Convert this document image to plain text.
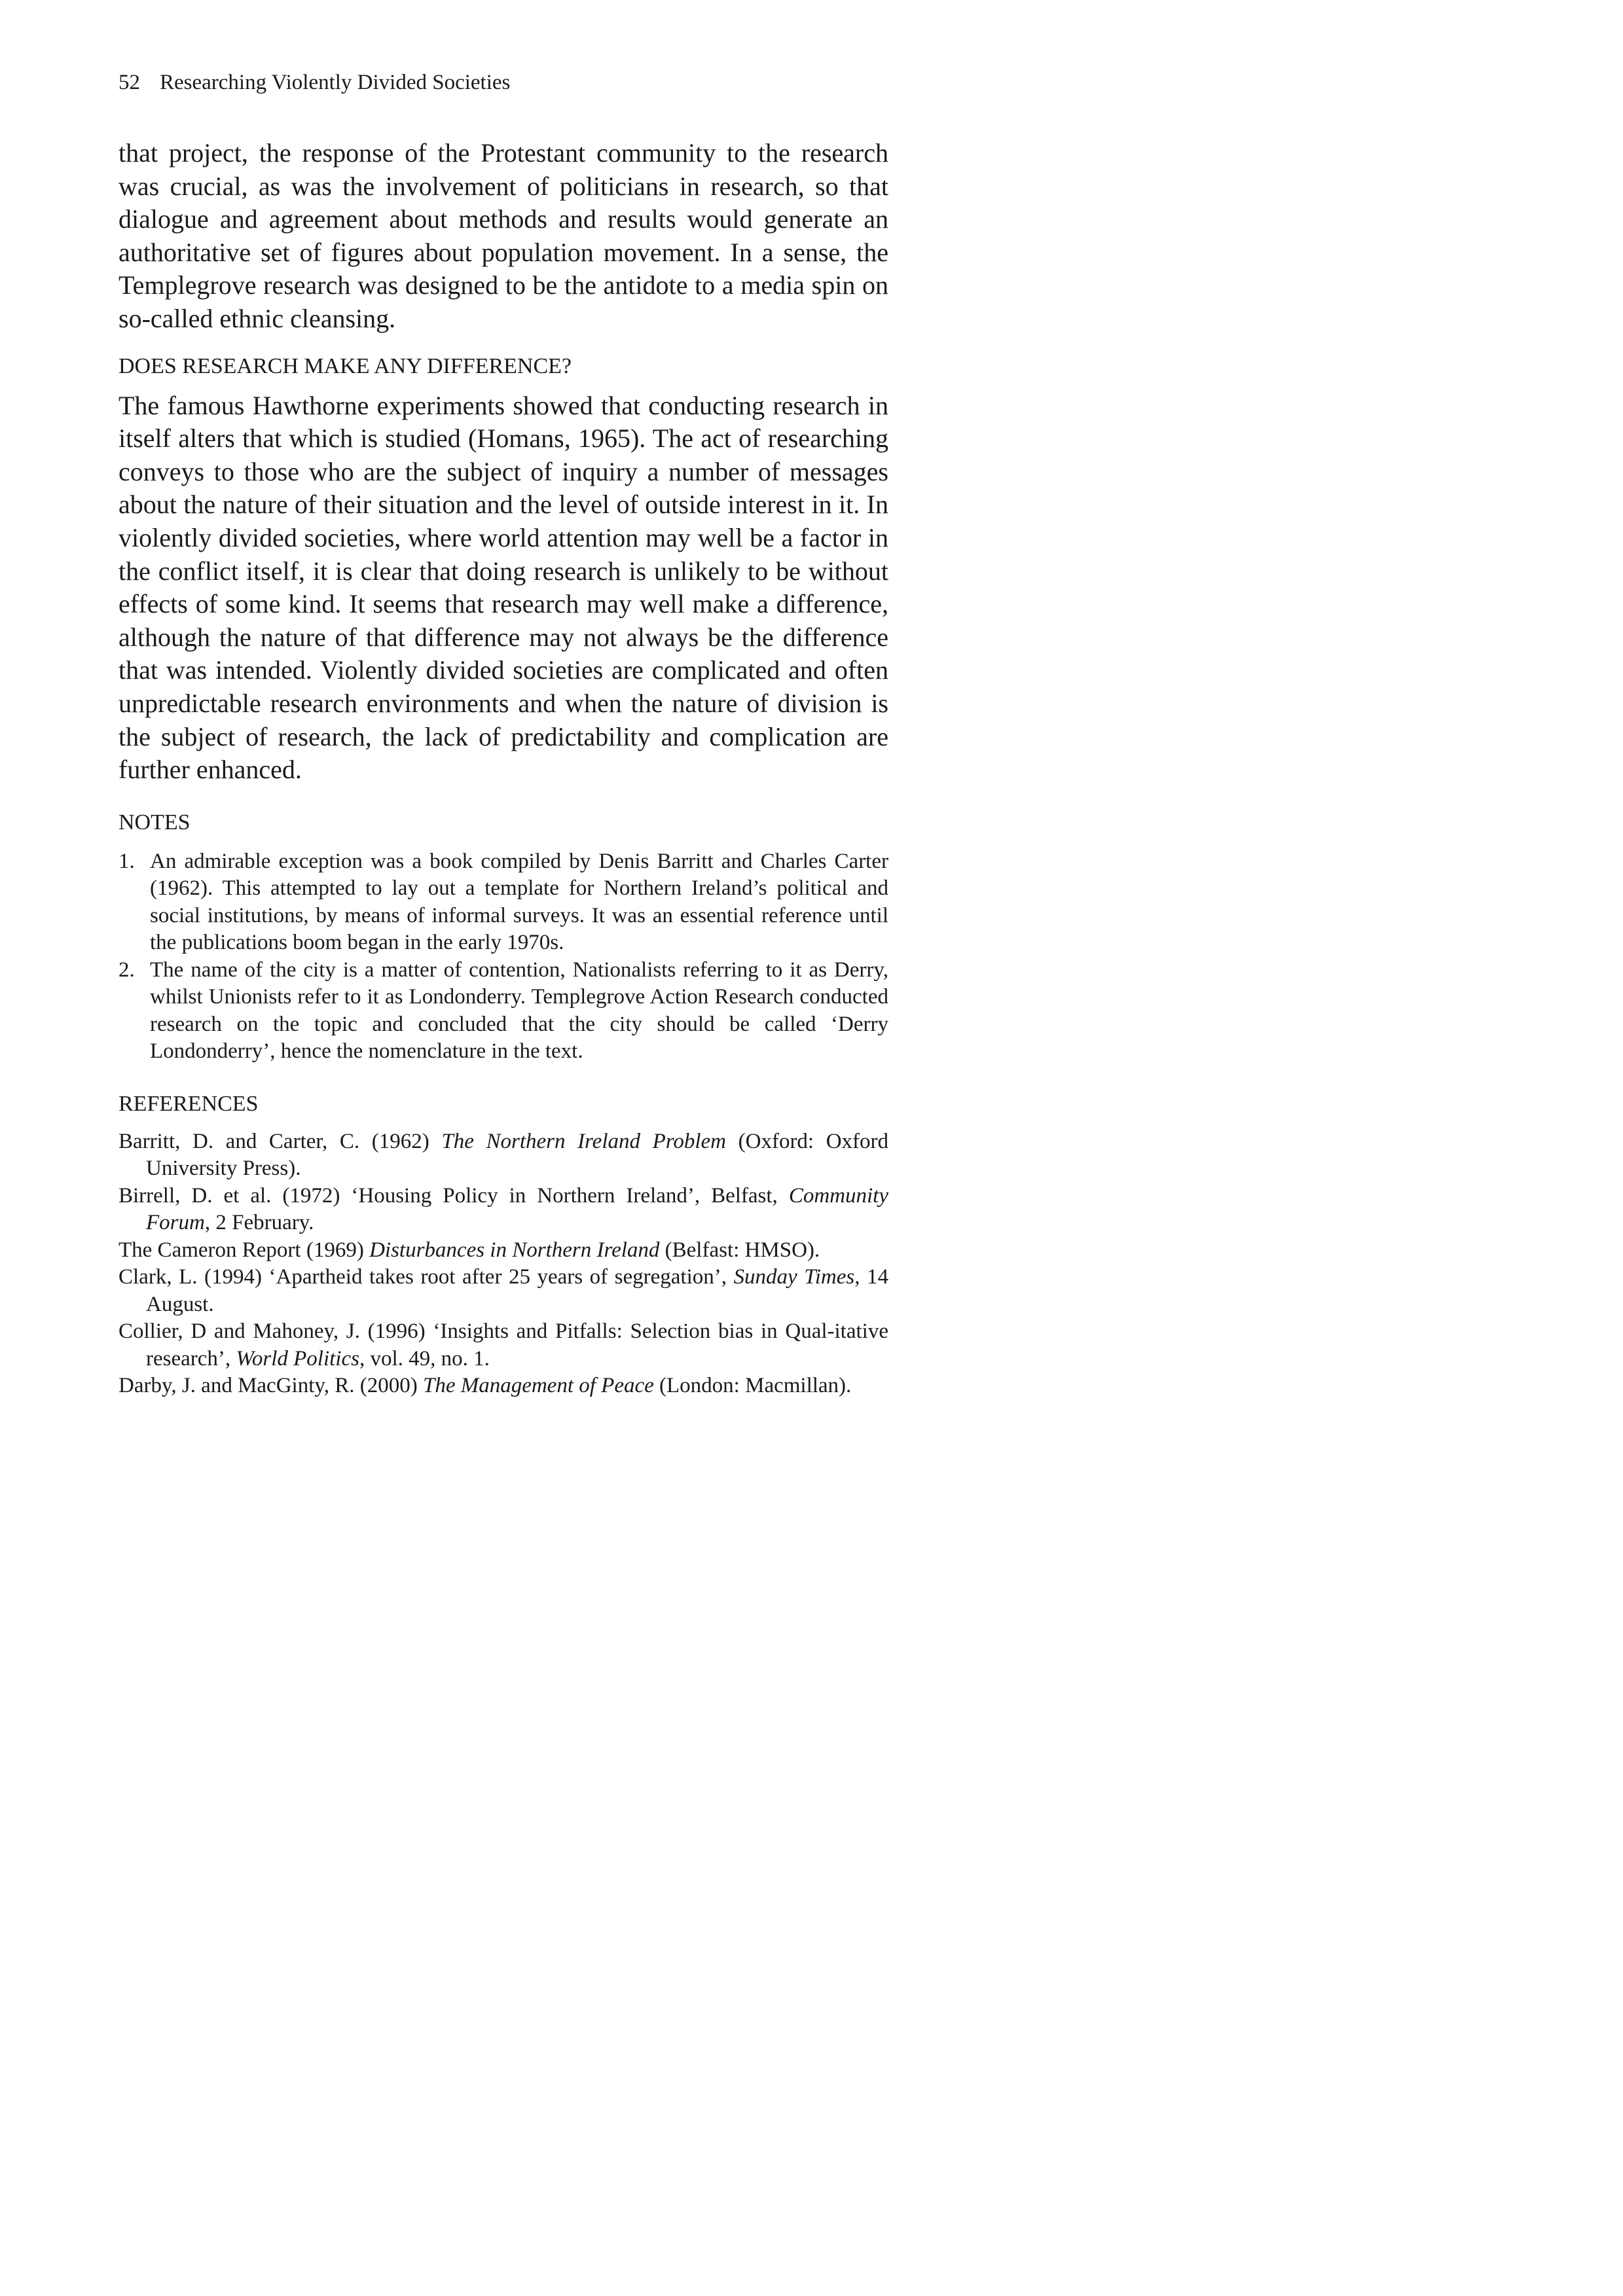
52 Researching Violently Divided Societies

that project, the response of the Protestant community to the research was crucial, as was the involvement of politicians in research, so that dialogue and agreement about methods and results would generate an authoritative set of figures about population movement. In a sense, the Templegrove research was designed to be the antidote to a media spin on so-called ethnic cleansing.

DOES RESEARCH MAKE ANY DIFFERENCE?

The famous Hawthorne experiments showed that conducting research in itself alters that which is studied (Homans, 1965). The act of researching conveys to those who are the subject of inquiry a number of messages about the nature of their situation and the level of outside interest in it. In violently divided societies, where world attention may well be a factor in the conflict itself, it is clear that doing research is unlikely to be without effects of some kind. It seems that research may well make a difference, although the nature of that difference may not always be the difference that was intended. Violently divided societies are complicated and often unpredictable research environments and when the nature of division is the subject of research, the lack of predictability and complication are further enhanced.

NOTES
1. An admirable exception was a book compiled by Denis Barritt and Charles Carter (1962). This attempted to lay out a template for Northern Ireland’s political and social institutions, by means of informal surveys. It was an essential reference until the publications boom began in the early 1970s.
2. The name of the city is a matter of contention, Nationalists referring to it as Derry, whilst Unionists refer to it as Londonderry. Templegrove Action Research conducted research on the topic and concluded that the city should be called ‘Derry Londonderry’, hence the nomenclature in the text.
REFERENCES
Barritt, D. and Carter, C. (1962) The Northern Ireland Problem (Oxford: Oxford University Press).
Birrell, D. et al. (1972) ‘Housing Policy in Northern Ireland’, Belfast, Community Forum, 2 February.
The Cameron Report (1969) Disturbances in Northern Ireland (Belfast: HMSO).
Clark, L. (1994) ‘Apartheid takes root after 25 years of segregation’, Sunday Times, 14 August.
Collier, D and Mahoney, J. (1996) ‘Insights and Pitfalls: Selection bias in Qual-itative research’, World Politics, vol. 49, no. 1.
Darby, J. and MacGinty, R. (2000) The Management of Peace (London: Macmillan).
